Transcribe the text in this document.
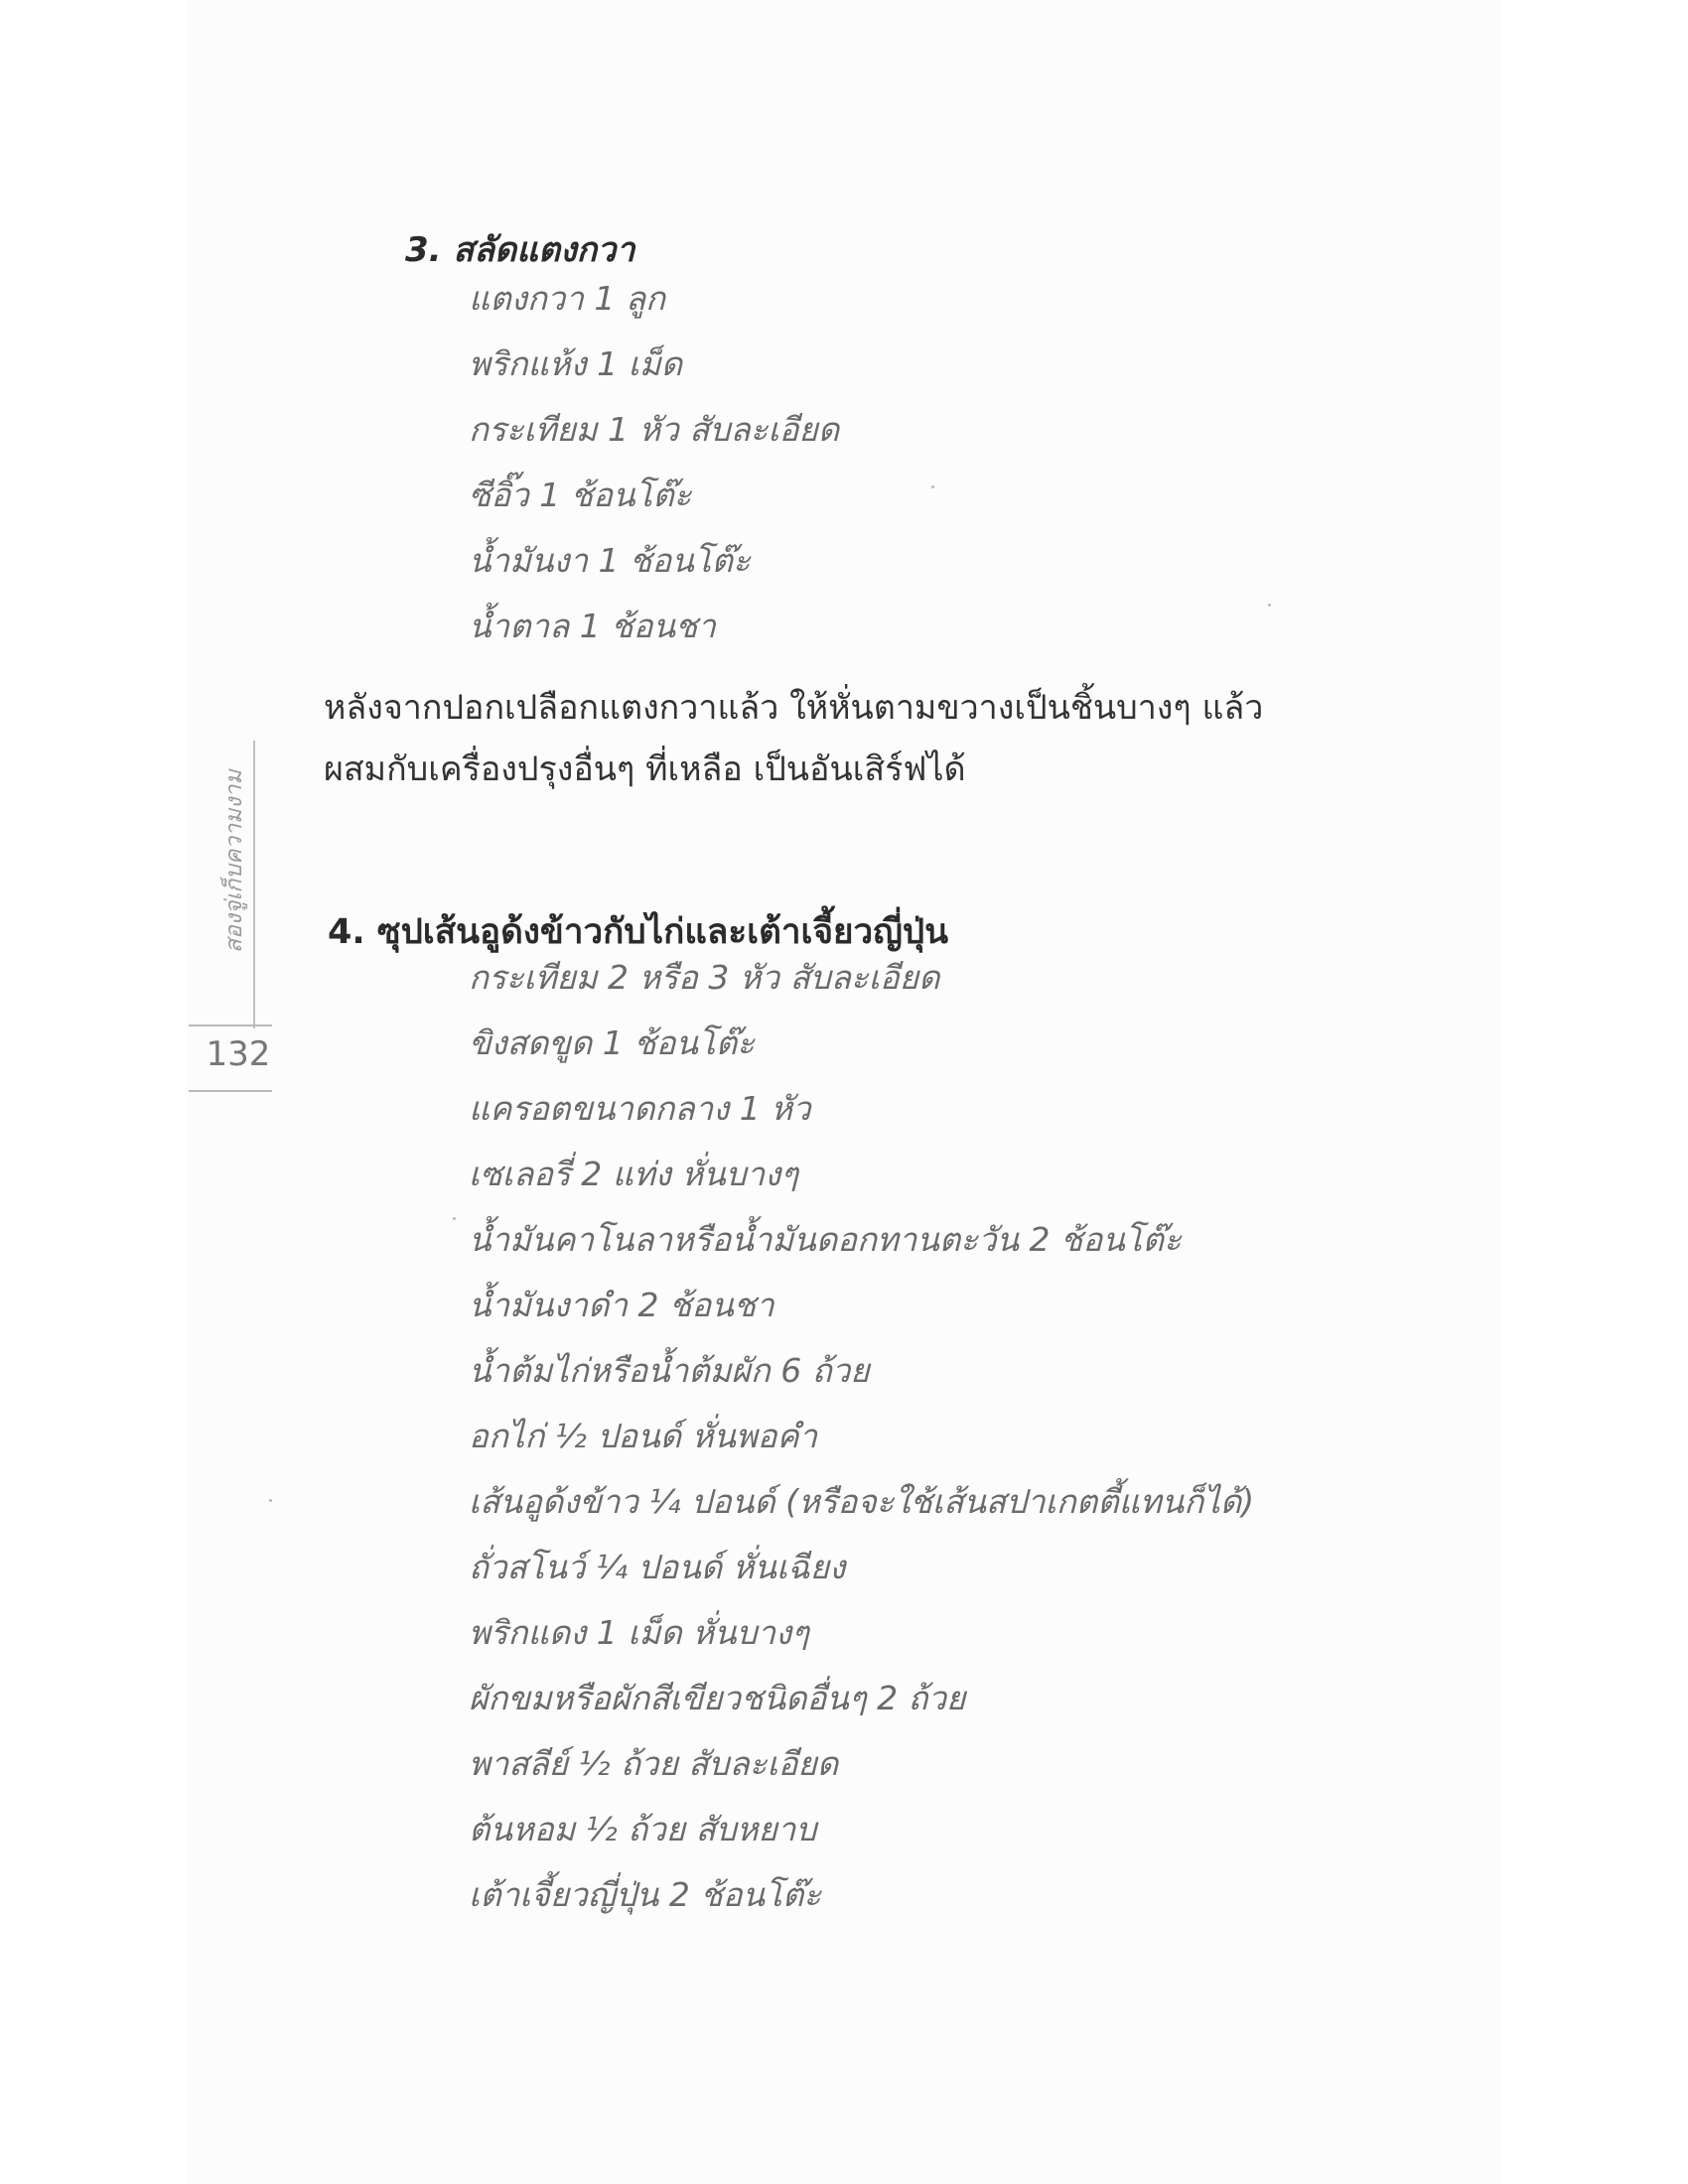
สองจู่เก็บความงาม
132
3. สลัดแตงกวา
แตงกวา 1 ลูก
พริกแห้ง 1 เม็ด
กระเทียม 1 หัว สับละเอียด
ซีอิ๊ว 1 ช้อนโต๊ะ
น้ำมันงา 1 ช้อนโต๊ะ
น้ำตาล 1 ช้อนชา

หลังจากปอกเปลือกแตงกวาแล้ว ให้หั่นตามขวางเป็นชิ้นบางๆ แล้ว
ผสมกับเครื่องปรุงอื่นๆ ที่เหลือ เป็นอันเสิร์ฟได้

4. ซุปเส้นอูด้งข้าวกับไก่และเต้าเจี้ยวญี่ปุ่น
กระเทียม 2 หรือ 3 หัว สับละเอียด
ขิงสดขูด 1 ช้อนโต๊ะ
แครอตขนาดกลาง 1 หัว
เซเลอรี่ 2 แท่ง หั่นบางๆ
น้ำมันคาโนลาหรือน้ำมันดอกทานตะวัน 2 ช้อนโต๊ะ
น้ำมันงาดำ 2 ช้อนชา
น้ำต้มไก่หรือน้ำต้มผัก 6 ถ้วย
อกไก่ ½ ปอนด์ หั่นพอคำ
เส้นอูด้งข้าว ¼ ปอนด์ (หรือจะใช้เส้นสปาเกตตี้แทนก็ได้)
ถั่วสโนว์ ¼ ปอนด์ หั่นเฉียง
พริกแดง 1 เม็ด หั่นบางๆ
ผักขมหรือผักสีเขียวชนิดอื่นๆ 2 ถ้วย
พาสลีย์ ½ ถ้วย สับละเอียด
ต้นหอม ½ ถ้วย สับหยาบ
เต้าเจี้ยวญี่ปุ่น 2 ช้อนโต๊ะ
